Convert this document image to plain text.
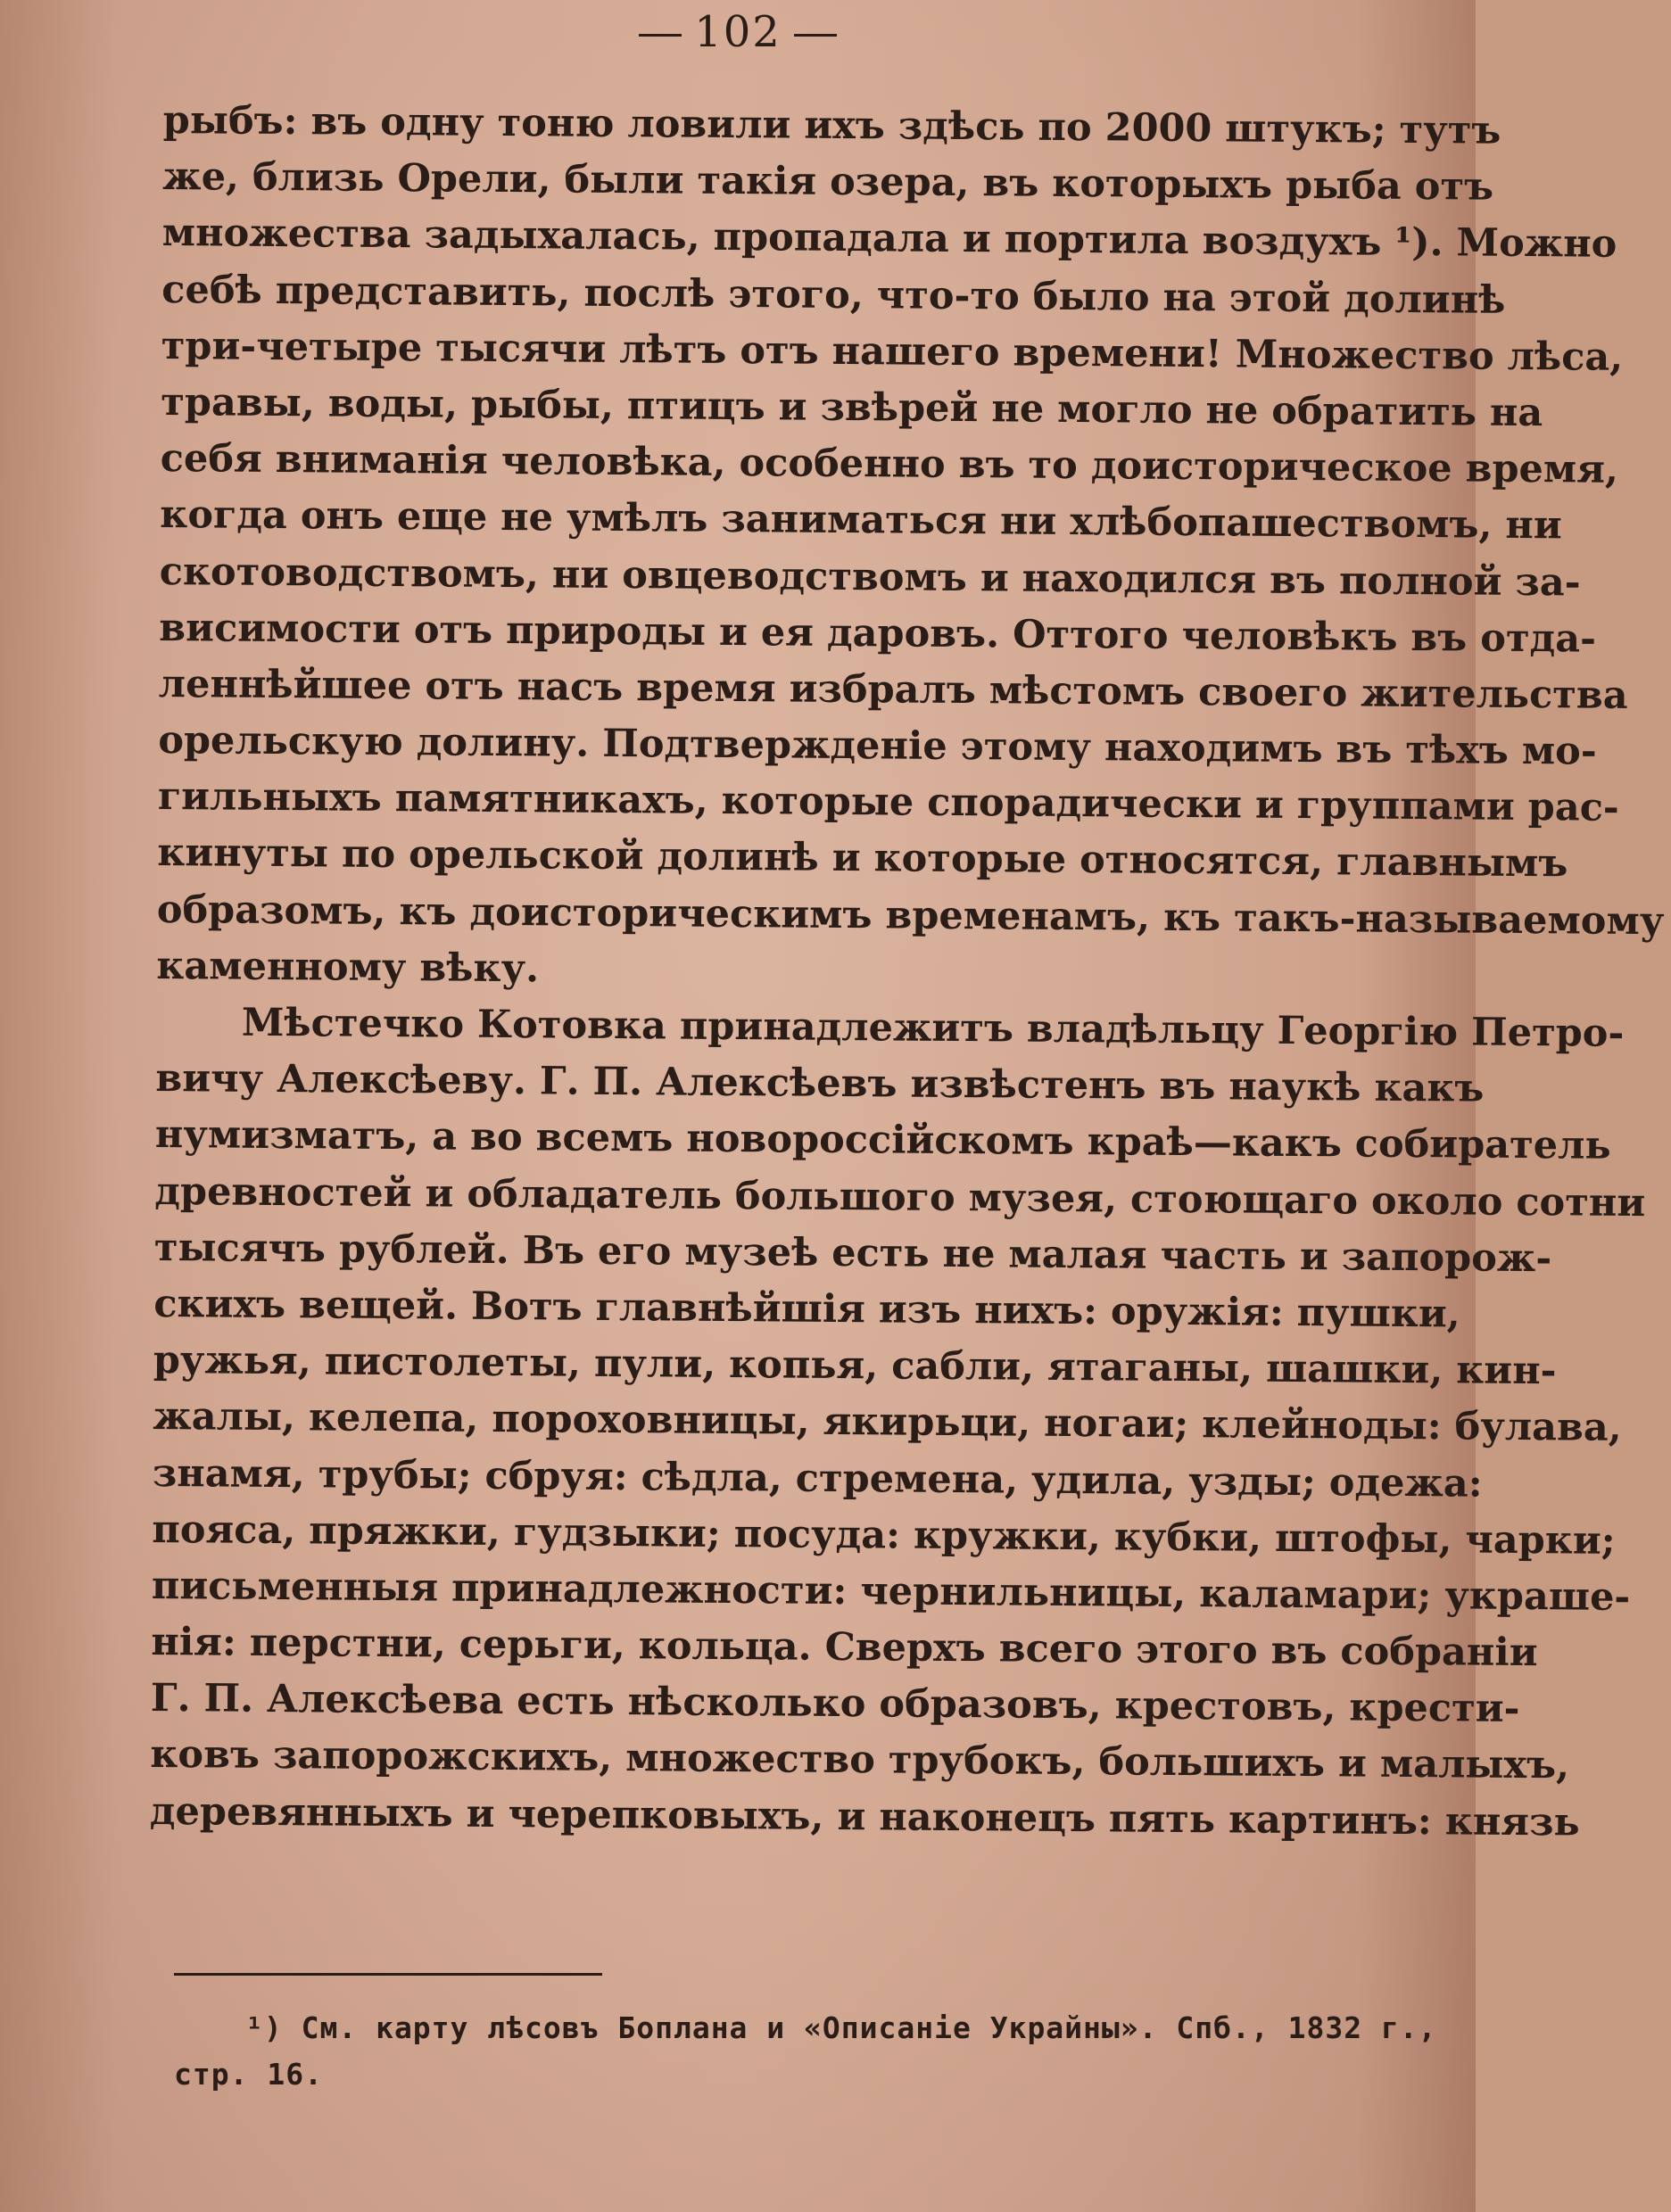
102
рыбъ: въ одну тоню ловили ихъ здѣсь по 2000 штукъ; тутъ
же, близь Орели, были такія озера, въ которыхъ рыба отъ
множества задыхалась, пропадала и портила воздухъ ¹). Можно
себѣ представить, послѣ этого, что-то было на этой долинѣ
три-четыре тысячи лѣтъ отъ нашего времени! Множество лѣса,
травы, воды, рыбы, птицъ и звѣрей не могло не обратить на
себя вниманія человѣка, особенно въ то доисторическое время,
когда онъ еще не умѣлъ заниматься ни хлѣбопашествомъ, ни
скотоводствомъ, ни овцеводствомъ и находился въ полной за-
висимости отъ природы и ея даровъ. Оттого человѣкъ въ отда-
леннѣйшее отъ насъ время избралъ мѣстомъ своего жительства
орельскую долину. Подтвержденіе этому находимъ въ тѣхъ мо-
гильныхъ памятникахъ, которые спорадически и группами рас-
кинуты по орельской долинѣ и которые относятся, главнымъ
образомъ, къ доисторическимъ временамъ, къ такъ-называемому
каменному вѣку.
Мѣстечко Котовка принадлежитъ владѣльцу Георгію Петро-
вичу Алексѣеву. Г. П. Алексѣевъ извѣстенъ въ наукѣ какъ
нумизматъ, а во всемъ новороссійскомъ краѣ—какъ собиратель
древностей и обладатель большого музея, стоющаго около сотни
тысячъ рублей. Въ его музеѣ есть не малая часть и запорож-
скихъ вещей. Вотъ главнѣйшія изъ нихъ: оружія: пушки,
ружья, пистолеты, пули, копья, сабли, ятаганы, шашки, кин-
жалы, келепа, пороховницы, якирьци, ногаи; клейноды: булава,
знамя, трубы; сбруя: сѣдла, стремена, удила, узды; одежа:
пояса, пряжки, гудзыки; посуда: кружки, кубки, штофы, чарки;
письменныя принадлежности: чернильницы, каламари; украше-
нія: перстни, серьги, кольца. Сверхъ всего этого въ собраніи
Г. П. Алексѣева есть нѣсколько образовъ, крестовъ, крести-
ковъ запорожскихъ, множество трубокъ, большихъ и малыхъ,
деревянныхъ и черепковыхъ, и наконецъ пять картинъ: князь
¹) См. карту лѣсовъ Боплана и «Описаніе Украйны». Спб., 1832 г.,
стр. 16.
